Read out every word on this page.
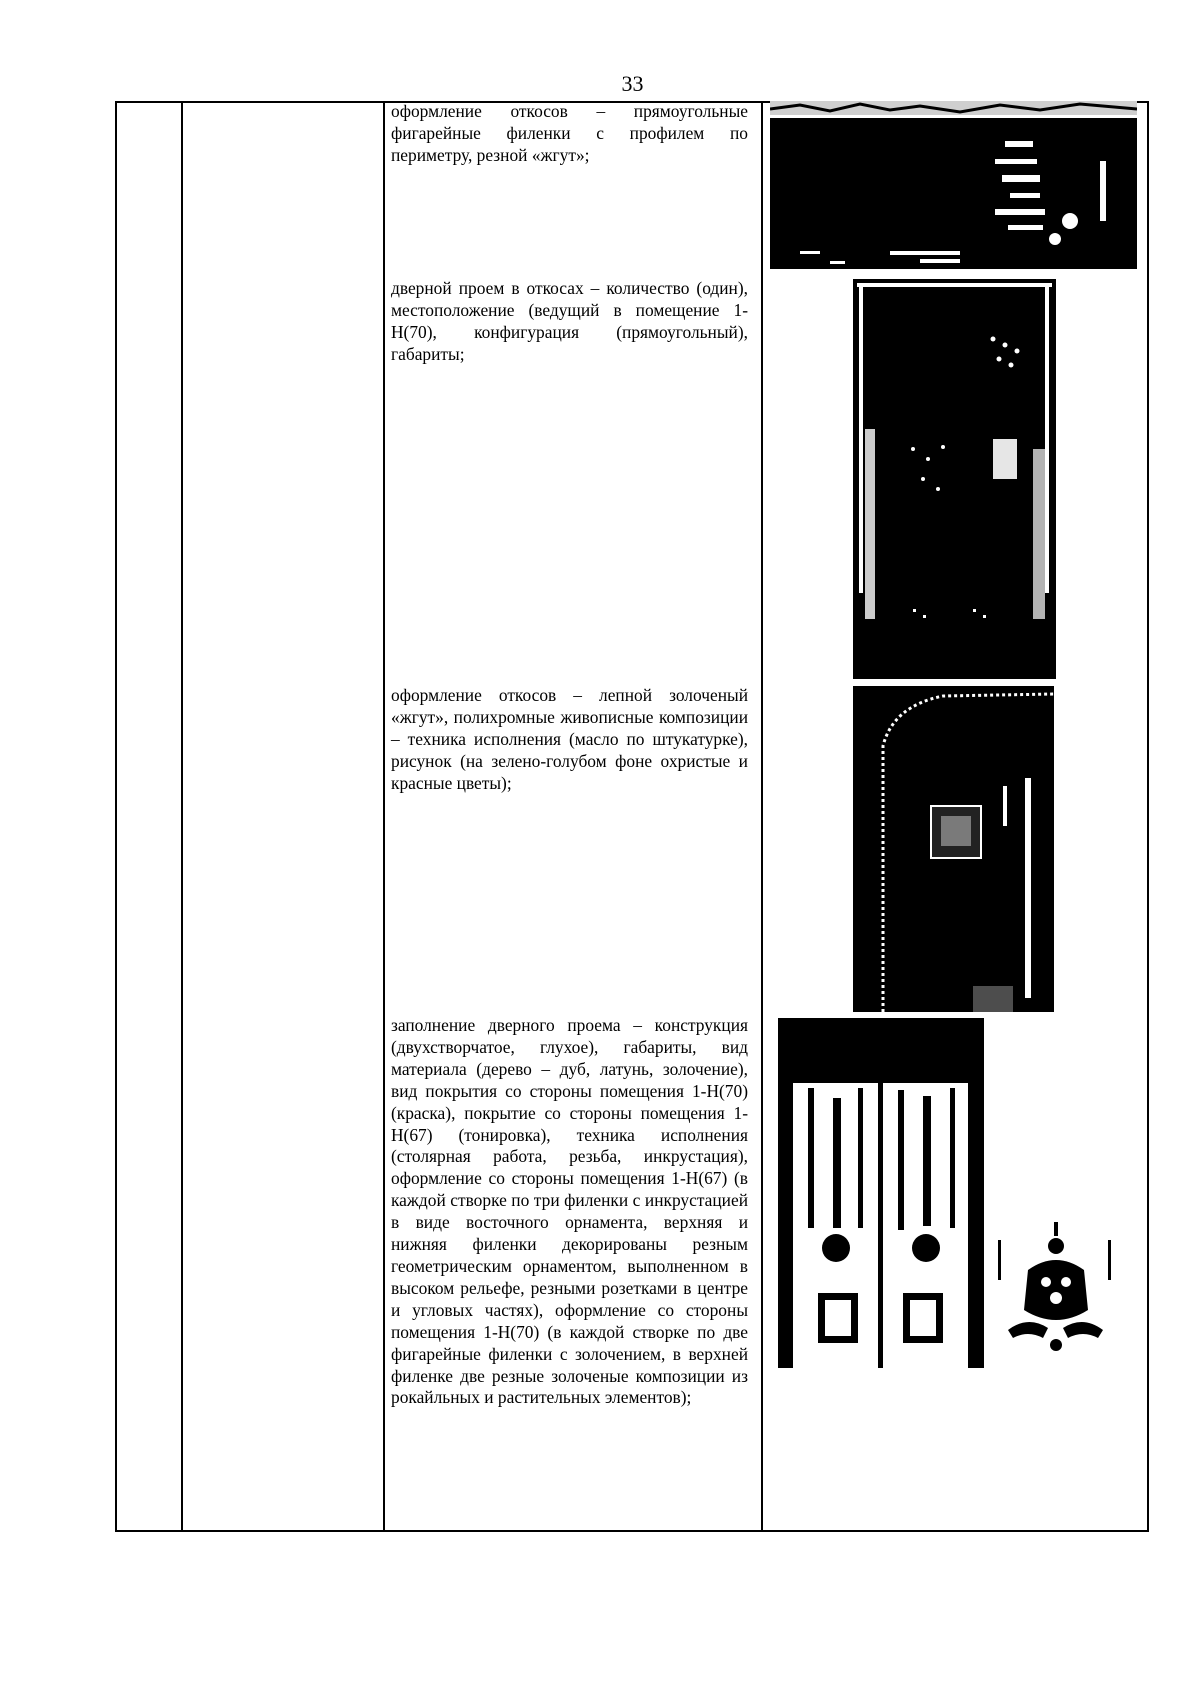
33
оформление откосов – прямоугольные фигарейные филенки с профилем по периметру, резной «жгут»;
дверной проем в откосах – количество (один), местоположение (ведущий в помещение 1-Н(70), конфигурация (прямоугольный), габариты;
оформление откосов – лепной золоченый «жгут», полихромные живописные композиции – техника исполнения (масло по штукатурке), рисунок (на зелено-голубом фоне охристые и красные цветы);
заполнение дверного проема – конструкция (двухстворчатое, глухое), габариты, вид материала (дерево – дуб, латунь, золочение), вид покрытия со стороны помещения 1-Н(70) (краска), покрытие со стороны помещения 1-Н(67) (тонировка), техника исполнения (столярная работа, резьба, инкрустация), оформление со стороны помещения 1-Н(67) (в каждой створке по три филенки с инкрустацией в виде восточного орнамента, верхняя и нижняя филенки декорированы резным геометрическим орнаментом, выполненном в высоком рельефе, резными розетками в центре и угловых частях), оформление со стороны помещения 1-Н(70) (в каждой створке по две фигарейные филенки с золочением, в верхней филенке две резные золоченые композиции из рокайльных и растительных элементов);
